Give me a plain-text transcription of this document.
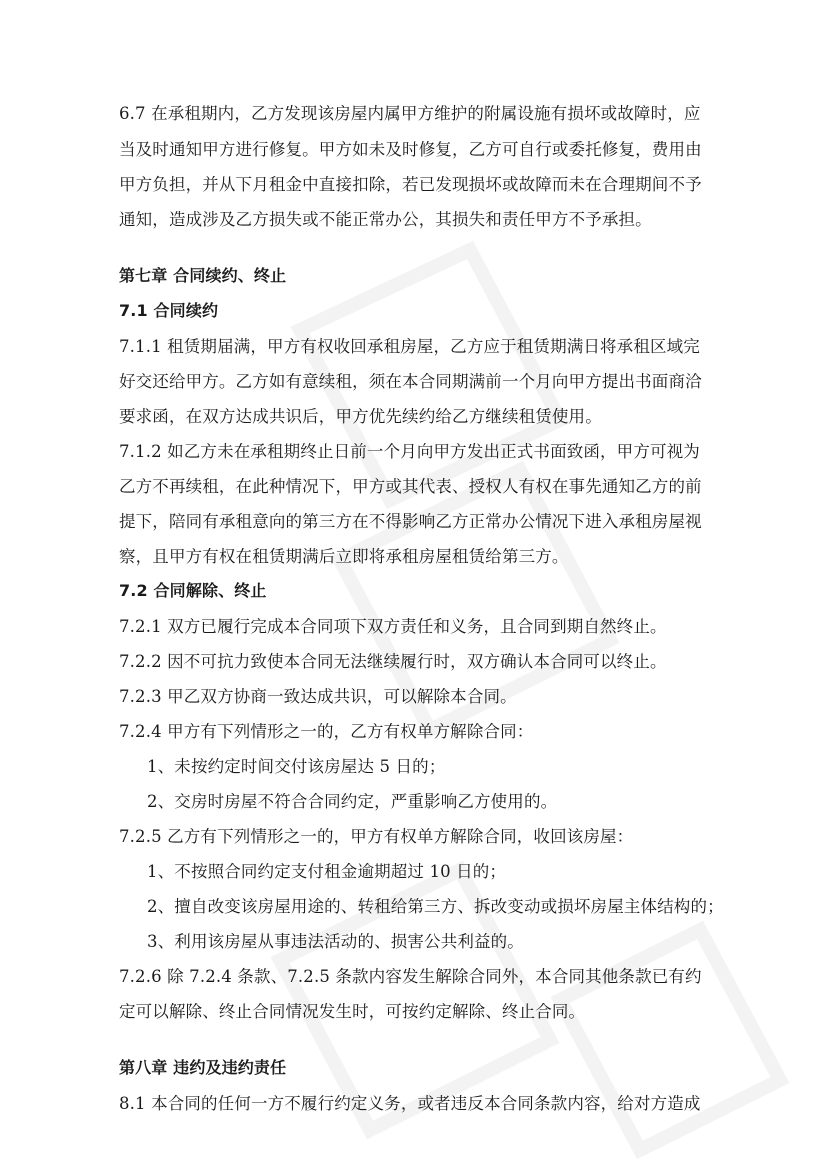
6.7 在承租期内，乙方发现该房屋内属甲方维护的附属设施有损坏或故障时，应
当及时通知甲方进行修复。甲方如未及时修复，乙方可自行或委托修复，费用由
甲方负担，并从下月租金中直接扣除，若已发现损坏或故障而未在合理期间不予
通知，造成涉及乙方损失或不能正常办公，其损失和责任甲方不予承担。
第七章 合同续约、终止
7.1 合同续约
7.1.1 租赁期届满，甲方有权收回承租房屋，乙方应于租赁期满日将承租区域完
好交还给甲方。乙方如有意续租，须在本合同期满前一个月向甲方提出书面商洽
要求函，在双方达成共识后，甲方优先续约给乙方继续租赁使用。
7.1.2 如乙方未在承租期终止日前一个月向甲方发出正式书面致函，甲方可视为
乙方不再续租，在此种情况下，甲方或其代表、授权人有权在事先通知乙方的前
提下，陪同有承租意向的第三方在不得影响乙方正常办公情况下进入承租房屋视
察，且甲方有权在租赁期满后立即将承租房屋租赁给第三方。
7.2 合同解除、终止
7.2.1 双方已履行完成本合同项下双方责任和义务，且合同到期自然终止。
7.2.2 因不可抗力致使本合同无法继续履行时，双方确认本合同可以终止。
7.2.3 甲乙双方协商一致达成共识，可以解除本合同。
7.2.4 甲方有下列情形之一的，乙方有权单方解除合同：
1、未按约定时间交付该房屋达 5 日的；
2、交房时房屋不符合合同约定，严重影响乙方使用的。
7.2.5 乙方有下列情形之一的，甲方有权单方解除合同，收回该房屋：
1、不按照合同约定支付租金逾期超过 10 日的；
2、擅自改变该房屋用途的、转租给第三方、拆改变动或损坏房屋主体结构的；
3、利用该房屋从事违法活动的、损害公共利益的。
7.2.6 除 7.2.4 条款、7.2.5 条款内容发生解除合同外，本合同其他条款已有约
定可以解除、终止合同情况发生时，可按约定解除、终止合同。
第八章 违约及违约责任
8.1 本合同的任何一方不履行约定义务，或者违反本合同条款内容，给对方造成
